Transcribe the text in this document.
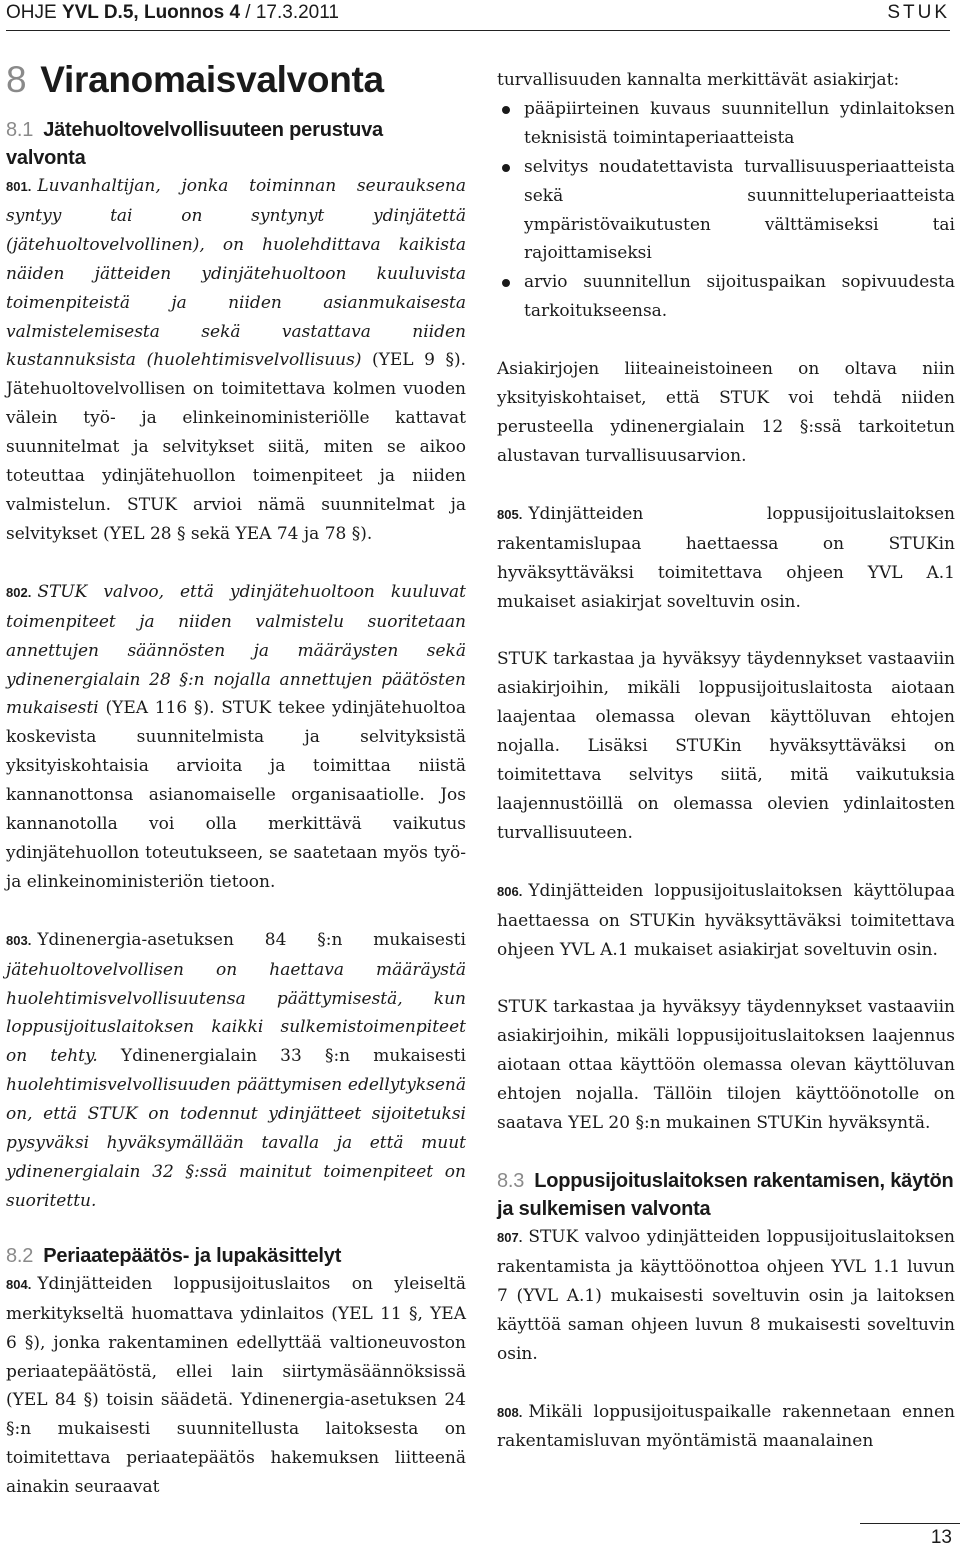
OHJE YVL D.5, Luonnos 4 / 17.3.2011	STUK
8 Viranomaisvalvonta
8.1 Jätehuoltovelvollisuuteen perustuva valvonta

801. Luvanhaltijan, jonka toiminnan seurauksena syntyy tai on syntynyt ydinjätettä (jätehuoltovelvollinen), on huolehdittava kaikista näiden jätteiden ydinjätehuoltoon kuuluvista toimenpiteistä ja niiden asianmukaisesta valmistelemisesta sekä vastattava niiden kustannuksista (huolehtimisvelvollisuus) (YEL 9 §). Jätehuoltovelvollisen on toimitettava kolmen vuoden välein työ- ja elinkeinoministeriölle kattavat suunnitelmat ja selvitykset siitä, miten se aikoo toteuttaa ydinjätehuollon toimenpiteet ja niiden valmistelun. STUK arvioi nämä suunnitelmat ja selvitykset (YEL 28 § sekä YEA 74 ja 78 §).

802. STUK valvoo, että ydinjätehuoltoon kuuluvat toimenpiteet ja niiden valmistelu suoritetaan annettujen säännösten ja määräysten sekä ydinenergialain 28 §:n nojalla annettujen päätösten mukaisesti (YEA 116 §). STUK tekee ydinjätehuoltoa koskevista suunnitelmista ja selvityksistä yksityiskohtaisia arvioita ja toimittaa niistä kannanottonsa asianomaiselle organisaatiolle. Jos kannanotolla voi olla merkittävä vaikutus ydinjätehuollon toteutukseen, se saatetaan myös työ- ja elinkeinoministeriön tietoon.

803. Ydinenergia-asetuksen 84 §:n mukaisesti jätehuoltovelvollisen on haettava määräystä huolehtimisvelvollisuutensa päättymisestä, kun loppusijoituslaitoksen kaikki sulkemistoimenpiteet on tehty. Ydinenergialain 33 §:n mukaisesti huolehtimisvelvollisuuden päättymisen edellytyksenä on, että STUK on todennut ydinjätteet sijoitetuksi pysyväksi hyväksymällään tavalla ja että muut ydinenergialain 32 §:ssä mainitut toimenpiteet on suoritettu.

8.2 Periaatepäätös- ja lupakäsittelyt

804. Ydinjätteiden loppusijoituslaitos on yleiseltä merkitykseltä huomattava ydinlaitos (YEL 11 §, YEA 6 §), jonka rakentaminen edellyttää valtioneuvoston periaatepäätöstä, ellei lain siirtymäsäännöksissä (YEL 84 §) toisin säädetä. Ydinenergia-asetuksen 24 §:n mukaisesti suunnitellusta laitoksesta on toimitettava periaatepäätös hakemuksen liitteenä ainakin seuraavat

turvallisuuden kannalta merkittävät asiakirjat:

pääpiirteinen kuvaus suunnitellun ydinlaitoksen teknisistä toimintaperiaatteista
selvitys noudatettavista turvallisuusperiaatteista sekä suunnitteluperiaatteista ympäristövaikutusten välttämiseksi tai rajoittamiseksi
arvio suunnitellun sijoituspaikan sopivuudesta tarkoitukseensa.

Asiakirjojen liiteaineistoineen on oltava niin yksityiskohtaiset, että STUK voi tehdä niiden perusteella ydinenergialain 12 §:ssä tarkoitetun alustavan turvallisuusarvion.

805. Ydinjätteiden loppusijoituslaitoksen rakentamislupaa haettaessa on STUKin hyväksyttäväksi toimitettava ohjeen YVL A.1 mukaiset asiakirjat soveltuvin osin.

STUK tarkastaa ja hyväksyy täydennykset vastaaviin asiakirjoihin, mikäli loppusijoituslaitosta aiotaan laajentaa olemassa olevan käyttöluvan ehtojen nojalla. Lisäksi STUKin hyväksyttäväksi on toimitettava selvitys siitä, mitä vaikutuksia laajennustöillä on olemassa olevien ydinlaitosten turvallisuuteen.

806. Ydinjätteiden loppusijoituslaitoksen käyttölupaa haettaessa on STUKin hyväksyttäväksi toimitettava ohjeen YVL A.1 mukaiset asiakirjat soveltuvin osin.

STUK tarkastaa ja hyväksyy täydennykset vastaaviin asiakirjoihin, mikäli loppusijoituslaitoksen laajennus aiotaan ottaa käyttöön olemassa olevan käyttöluvan ehtojen nojalla. Tällöin tilojen käyttöönotolle on saatava YEL 20 §:n mukainen STUKin hyväksyntä.

8.3 Loppusijoituslaitoksen rakentamisen, käytön ja sulkemisen valvonta

807. STUK valvoo ydinjätteiden loppusijoituslaitoksen rakentamista ja käyttöönottoa ohjeen YVL 1.1 luvun 7 (YVL A.1) mukaisesti soveltuvin osin ja laitoksen käyttöä saman ohjeen luvun 8 mukaisesti soveltuvin osin.

808. Mikäli loppusijoituspaikalle rakennetaan ennen rakentamisluvan myöntämistä maanalainen

13
